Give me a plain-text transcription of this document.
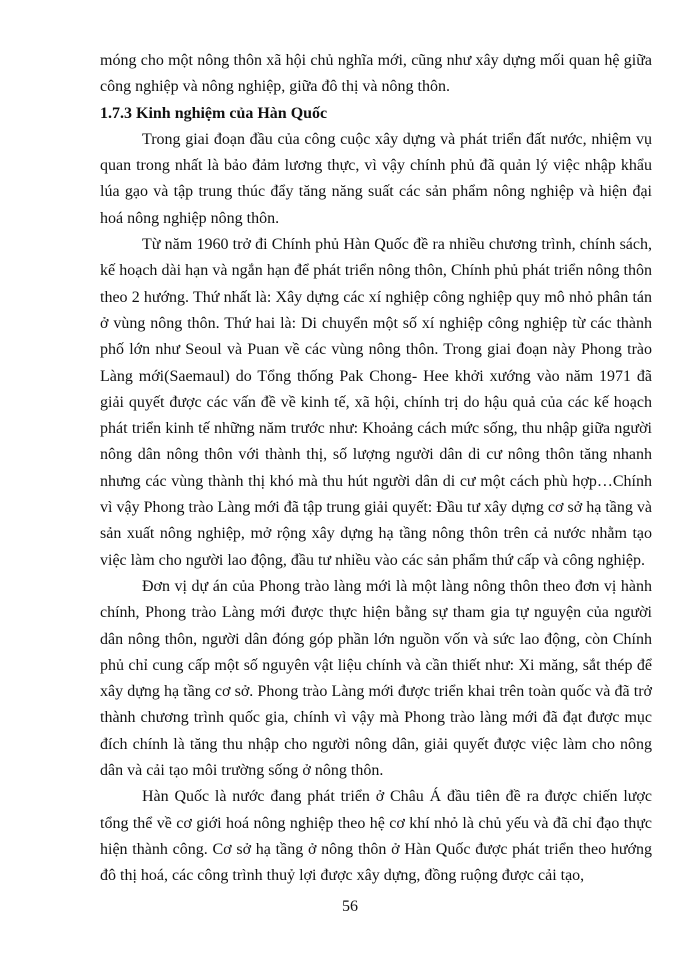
móng cho một nông thôn xã hội chủ nghĩa mới, cũng như xây dựng mối quan hệ giữa công nghiệp và nông nghiệp, giữa đô thị và nông thôn.

1.7.3 Kinh nghiệm của Hàn Quốc

Trong giai đoạn đầu của công cuộc xây dựng và phát triển đất nước, nhiệm vụ quan trong nhất là bảo đảm lương thực, vì vậy chính phủ đã quản lý việc nhập khẩu lúa gạo và tập trung thúc đẩy tăng năng suất các sản phẩm nông nghiệp và hiện đại hoá nông nghiệp nông thôn.

Từ năm 1960 trở đi Chính phủ Hàn Quốc đề ra nhiều chương trình, chính sách, kế hoạch dài hạn và ngắn hạn để phát triển nông thôn, Chính phủ phát triển nông thôn theo 2 hướng. Thứ nhất là: Xây dựng các xí nghiệp công nghiệp quy mô nhỏ phân tán ở vùng nông thôn. Thứ hai là: Di chuyển một số xí nghiệp công nghiệp từ các thành phố lớn như Seoul và Puan về các vùng nông thôn. Trong giai đoạn này Phong trào Làng mới(Saemaul) do Tổng thống Pak Chong- Hee khởi xướng vào năm 1971 đã giải quyết được các vấn đề về kinh tế, xã hội, chính trị do hậu quả của các kế hoạch phát triển kinh tế những năm trước như: Khoảng cách mức sống, thu nhập giữa người nông dân nông thôn với thành thị, số lượng người dân di cư nông thôn tăng nhanh nhưng các vùng thành thị khó mà thu hút người dân di cư một cách phù hợp…Chính vì vậy Phong trào Làng mới đã tập trung giải quyết: Đầu tư xây dựng cơ sở hạ tầng và sản xuất nông nghiệp, mở rộng xây dựng hạ tầng nông thôn trên cả nước nhằm tạo việc làm cho người lao động, đầu tư nhiều vào các sản phẩm thứ cấp và công nghiệp.

Đơn vị dự án của Phong trào làng mới là một làng nông thôn theo đơn vị hành chính, Phong trào Làng mới được thực hiện bằng sự tham gia tự nguyện của người dân nông thôn, người dân đóng góp phần lớn nguồn vốn và sức lao động, còn Chính phủ chỉ cung cấp một số nguyên vật liệu chính và cần thiết như: Xi măng, sắt thép để xây dựng hạ tầng cơ sở. Phong trào Làng mới được triển khai trên toàn quốc và đã trở thành chương trình quốc gia, chính vì vậy mà Phong trào làng mới đã đạt được mục đích chính là tăng thu nhập cho người nông dân, giải quyết được việc làm cho nông dân và cải tạo môi trường sống ở nông thôn.

Hàn Quốc là nước đang phát triển ở Châu Á đầu tiên đề ra được chiến lược tổng thể về cơ giới hoá nông nghiệp theo hệ cơ khí nhỏ là chủ yếu và đã chỉ đạo thực hiện thành công. Cơ sở hạ tầng ở nông thôn ở Hàn Quốc được phát triển theo hướng đô thị hoá, các công trình thuỷ lợi được xây dựng, đồng ruộng được cải tạo,

56
